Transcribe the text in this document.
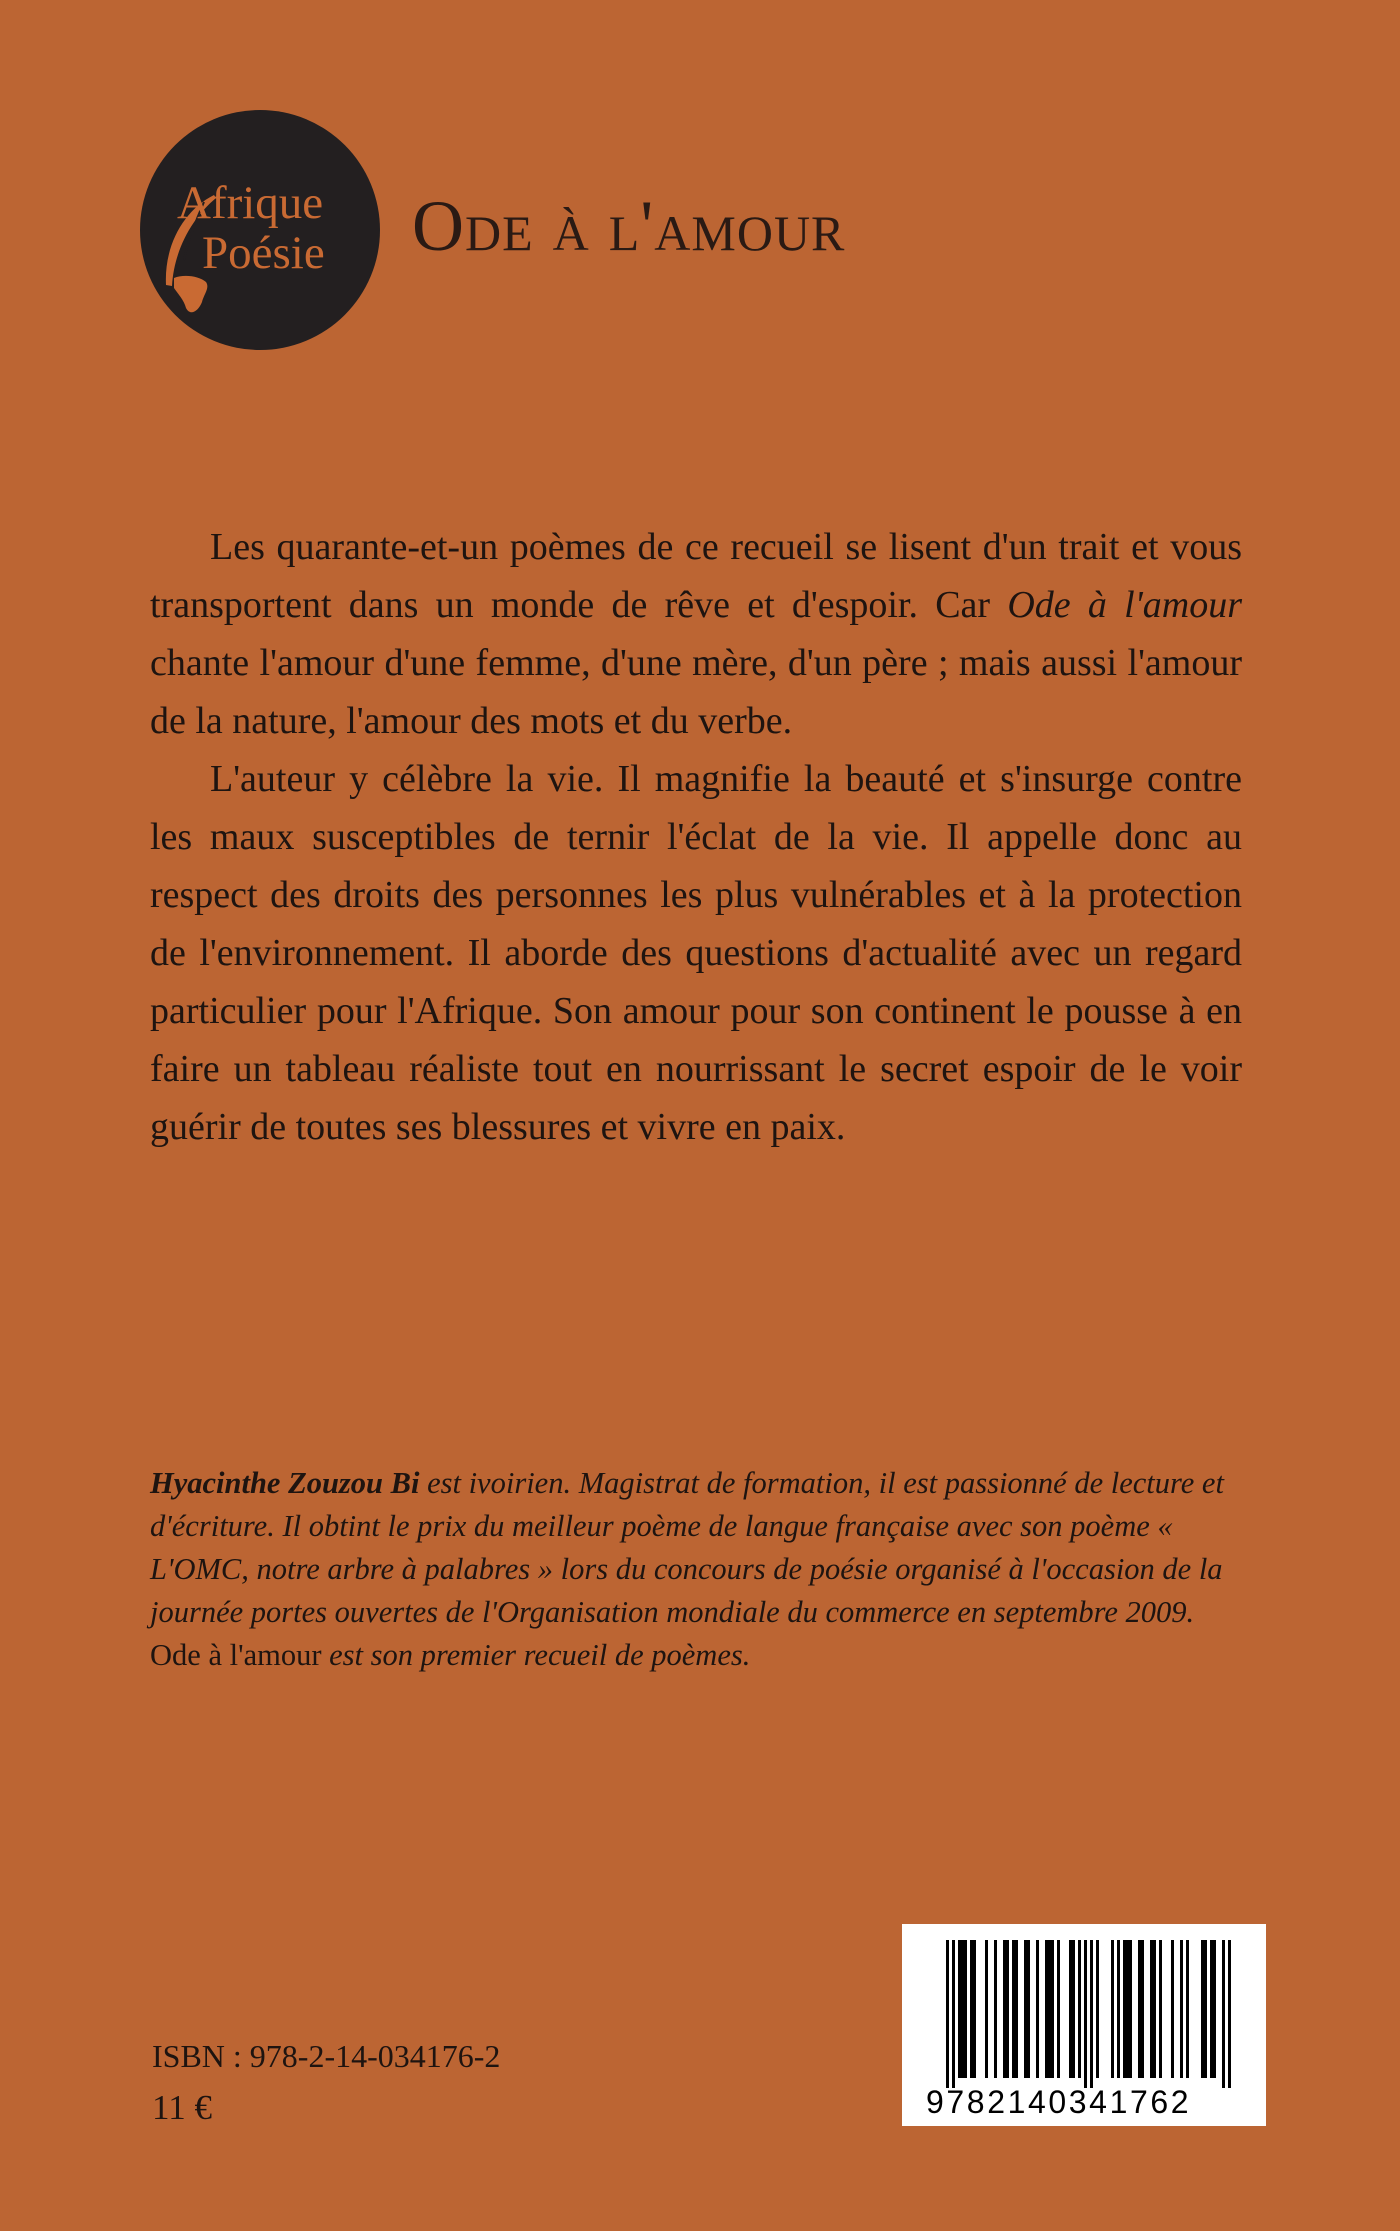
Afrique
Poésie Ode à l'amour

Les quarante-et-un poèmes de ce recueil se lisent d'un trait et vous transportent dans un monde de rêve et d'espoir. Car Ode à l'amour chante l'amour d'une femme, d'une mère, d'un père ; mais aussi l'amour de la nature, l'amour des mots et du verbe.

L'auteur y célèbre la vie. Il magnifie la beauté et s'insurge contre les maux susceptibles de ternir l'éclat de la vie. Il appelle donc au respect des droits des personnes les plus vulnérables et à la protection de l'environnement. Il aborde des questions d'actualité avec un regard particulier pour l'Afrique. Son amour pour son continent le pousse à en faire un tableau réaliste tout en nourrissant le secret espoir de le voir guérir de toutes ses blessures et vivre en paix.

Hyacinthe Zouzou Bi est ivoirien. Magistrat de formation, il est passionné de lecture et d'écriture. Il obtint le prix du meilleur poème de langue française avec son poème « L'OMC, notre arbre à palabres » lors du concours de poésie organisé à l'occasion de la journée portes ouvertes de l'Organisation mondiale du commerce en septembre 2009. Ode à l'amour est son premier recueil de poèmes.
ISBN : 978-2-14-034176-2
11 €	9782140341762
